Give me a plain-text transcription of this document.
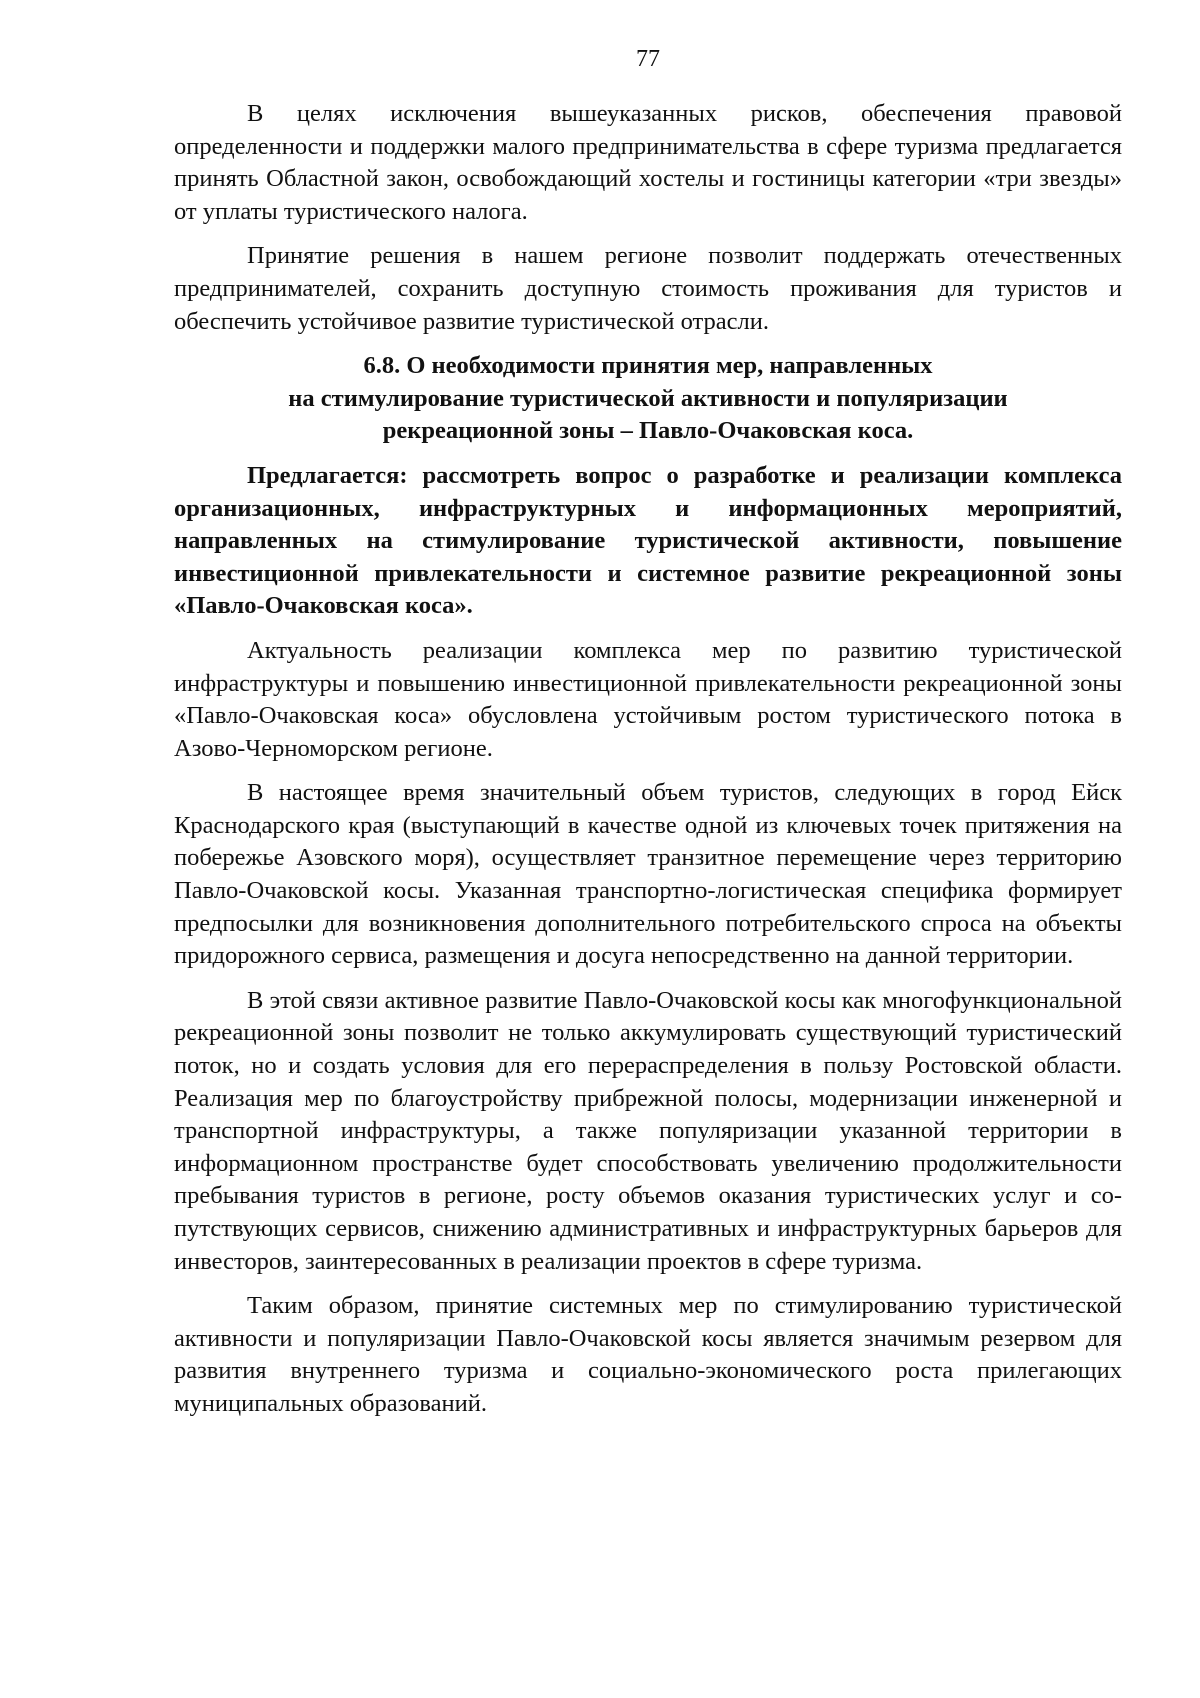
77

В целях исключения вышеуказанных рисков, обеспечения правовой определенности и поддержки малого предпринимательства в сфере туризма предлагается принять Областной закон, освобождающий хостелы и гостиницы категории «три звезды» от уплаты туристического налога.

Принятие решения в нашем регионе позволит поддержать отечественных предпринимателей, сохранить доступную стоимость проживания для туристов и обеспечить устойчивое развитие туристической отрасли.

6.8. О необходимости принятия мер, направленных
на стимулирование туристической активности и популяризации
рекреационной зоны – Павло-Очаковская коса.

Предлагается: рассмотреть вопрос о разработке и реализации комплекса организационных, инфраструктурных и информационных мероприятий, направленных на стимулирование туристической активности, повышение инвестиционной привлекательности и системное развитие рекреационной зоны «Павло-Очаковская коса».

Актуальность реализации комплекса мер по развитию туристической инфраструктуры и повышению инвестиционной привлекательности рекреационной зоны «Павло-Очаковская коса» обусловлена устойчивым ростом туристического потока в Азово-Черноморском регионе.

В настоящее время значительный объем туристов, следующих в город Ейск Краснодарского края (выступающий в качестве одной из ключевых точек притяжения на побережье Азовского моря), осуществляет транзитное перемещение через территорию Павло-Очаковской косы. Указанная транспортно-логистическая специфика формирует предпосылки для возникновения дополнительного потребительского спроса на объекты придорожного сервиса, размещения и досуга непосредственно на данной территории.

В этой связи активное развитие Павло-Очаковской косы как многофункциональной рекреационной зоны позволит не только аккумулировать существующий туристический поток, но и создать условия для его перераспределения в пользу Ростовской области. Реализация мер по благоустройству прибрежной полосы, модернизации инженерной и транспортной инфраструктуры, а также популяризации указанной территории в информационном пространстве будет способствовать увеличению продолжительности пребывания туристов в регионе, росту объемов оказания туристических услуг и сопутствующих сервисов, снижению административных и инфраструктурных барьеров для инвесторов, заинтересованных в реализации проектов в сфере туризма.

Таким образом, принятие системных мер по стимулированию туристической активности и популяризации Павло-Очаковской косы является значимым резервом для развития внутреннего туризма и социально-экономического роста прилегающих муниципальных образований.
